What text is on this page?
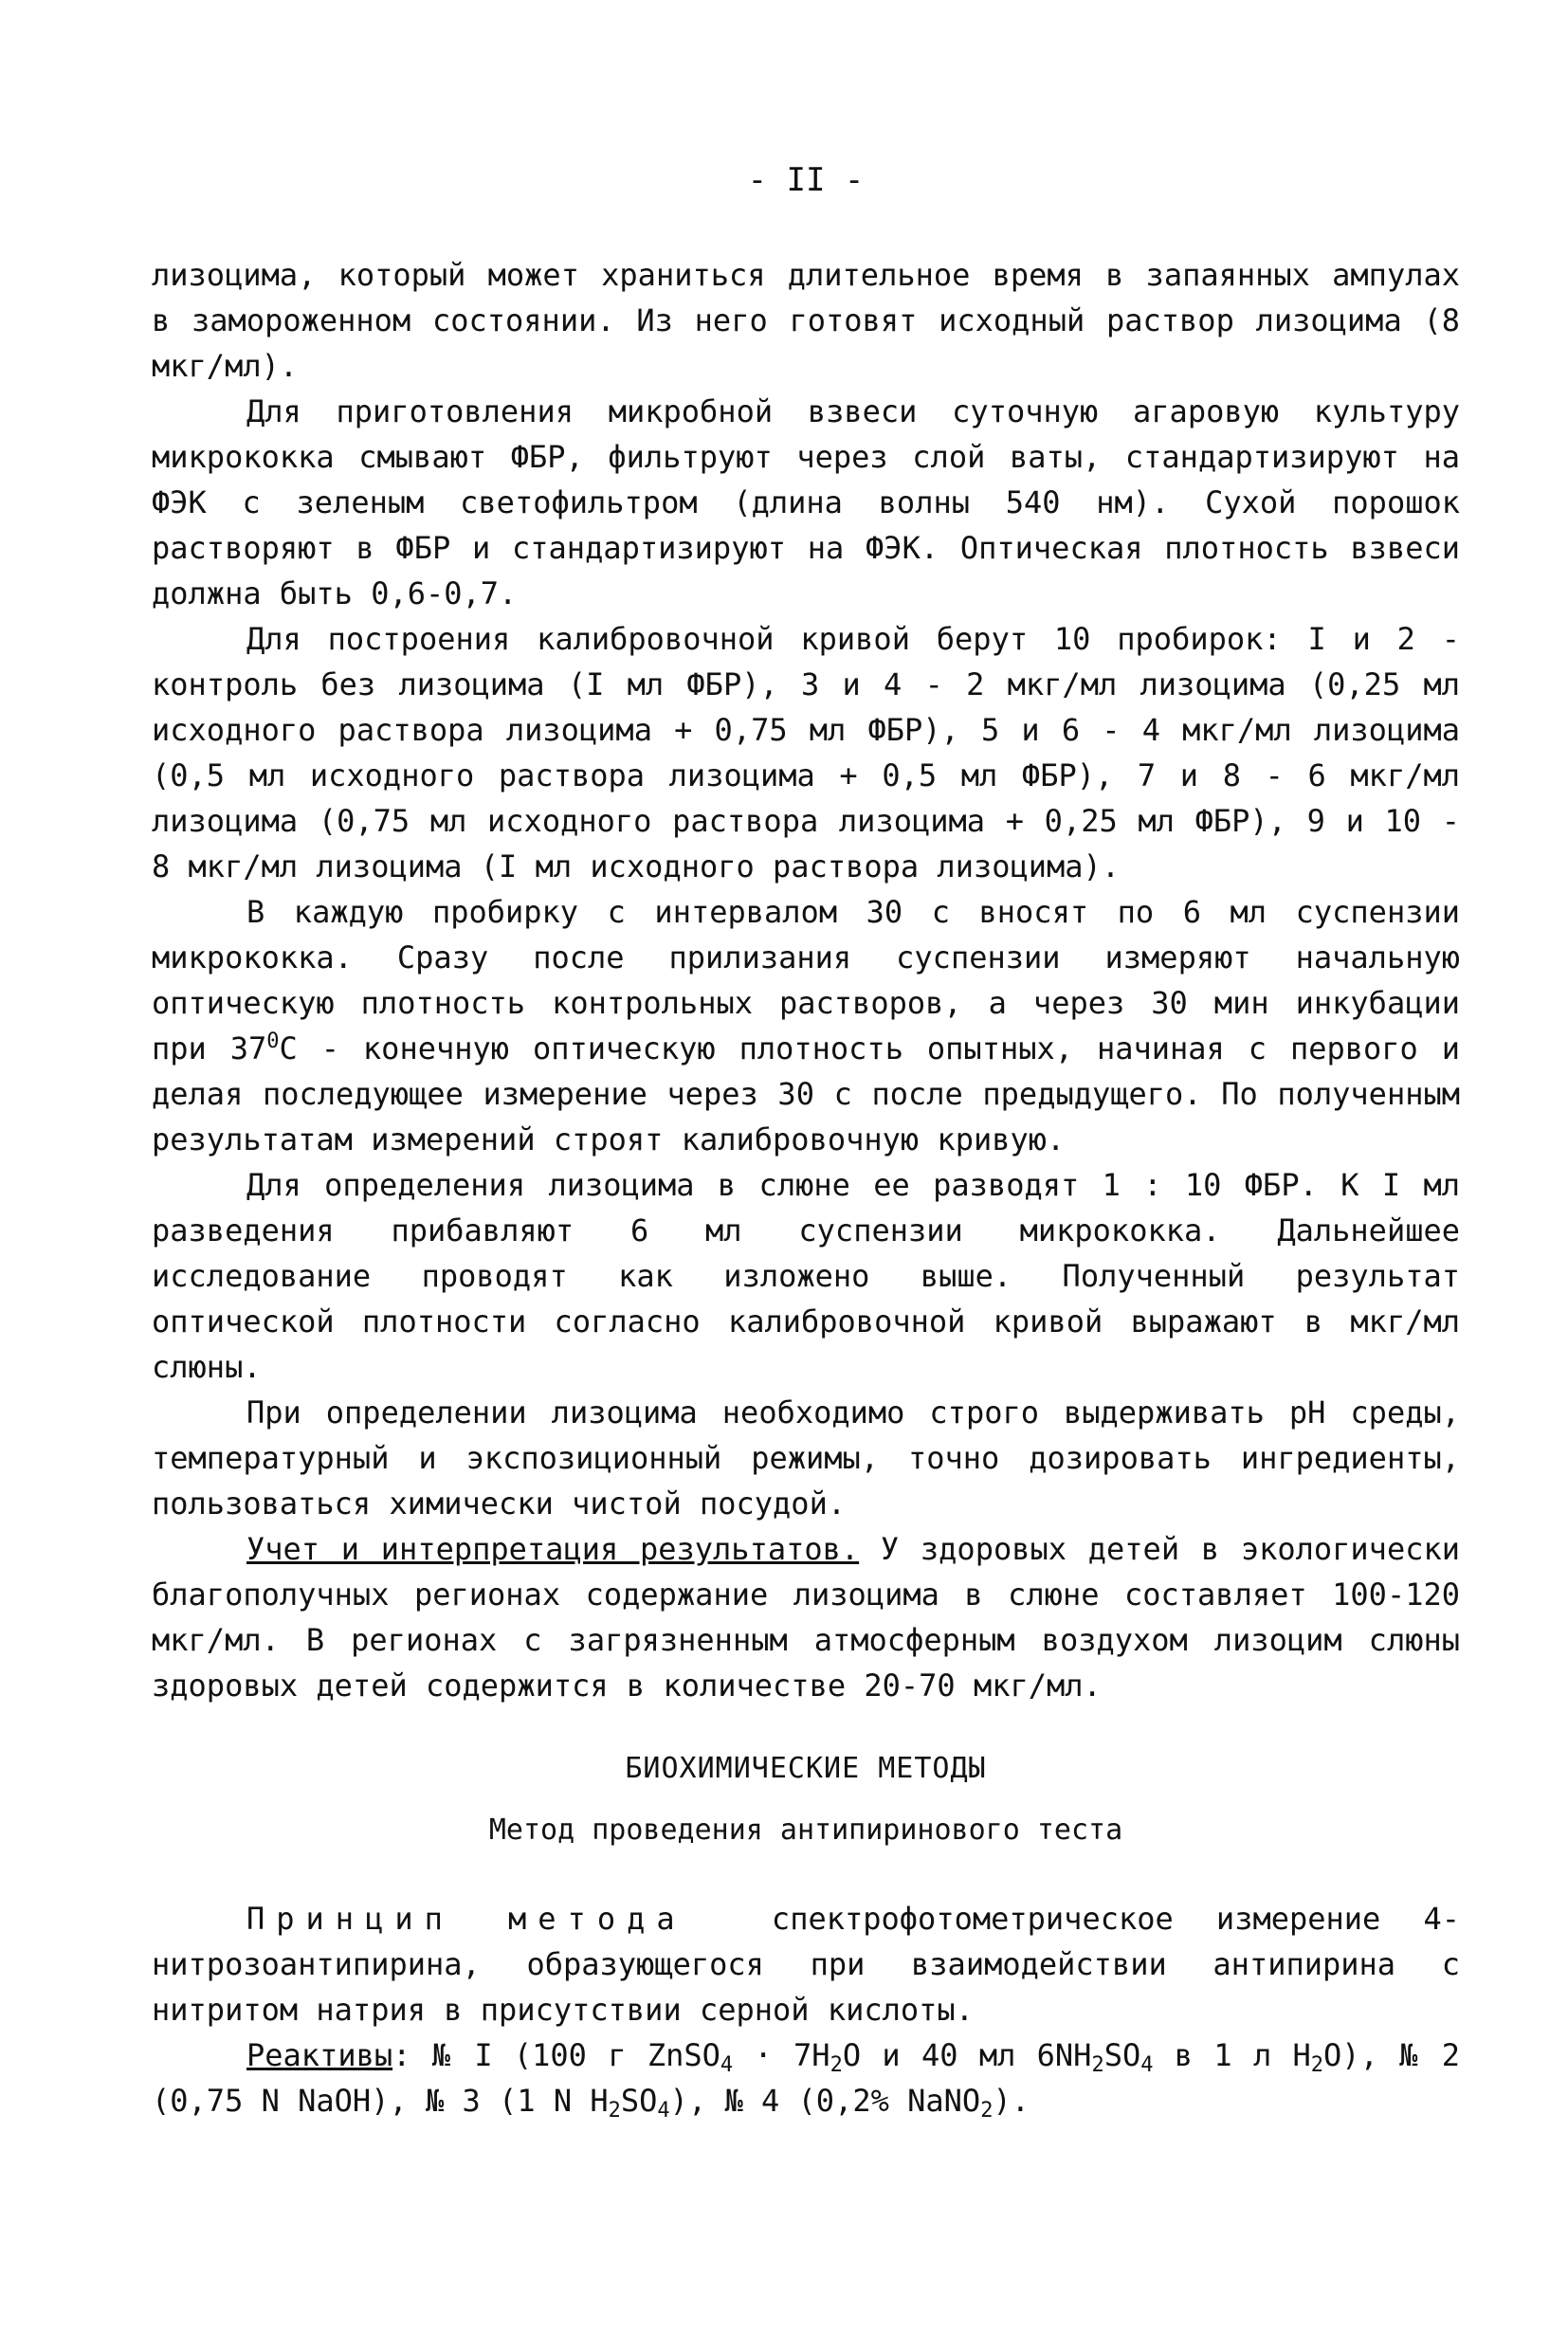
- II -

лизоцима, который может храниться длительное время в запаянных ампулах в замороженном состоянии. Из него готовят исходный раствор лизоцима (8 мкг/мл).

Для приготовления микробной взвеси суточную агаровую культуру микрококка смывают ФБР, фильтруют через слой ваты, стандартизируют на ФЭК с зеленым светофильтром (длина волны 540 нм). Сухой порошок растворяют в ФБР и стандартизируют на ФЭК. Оптическая плотность взвеси должна быть 0,6-0,7.

Для построения калибровочной кривой берут 10 пробирок: I и 2 - контроль без лизоцима (I мл ФБР), 3 и 4 - 2 мкг/мл лизоцима (0,25 мл исходного раствора лизоцима + 0,75 мл ФБР), 5 и 6 - 4 мкг/мл лизоцима (0,5 мл исходного раствора лизоцима + 0,5 мл ФБР), 7 и 8 - 6 мкг/мл лизоцима (0,75 мл исходного раствора лизоцима + 0,25 мл ФБР), 9 и 10 - 8 мкг/мл лизоцима (I мл исходного раствора лизоцима).

В каждую пробирку с интервалом 30 с вносят по 6 мл суспензии микрококка. Сразу после прилизания суспензии измеряют начальную оптическую плотность контрольных растворов, а через 30 мин инкубации при $37^0С$ - конечную оптическую плотность опытных, начиная с первого и делая последующее измерение через 30 с после предыдущего. По полученным результатам измерений строят калибровочную кривую.

Для определения лизоцима в слюне ее разводят 1 : 10 ФБР. К I мл разведения прибавляют 6 мл суспензии микрококка. Дальнейшее исследование проводят как изложено выше. Полученный результат оптической плотности согласно калибровочной кривой выражают в мкг/мл слюны.

При определении лизоцима необходимо строго выдерживать pH среды, температурный и экспозиционный режимы, точно дозировать ингредиенты, пользоваться химически чистой посудой.

Учет и интерпретация результатов. У здоровых детей в экологически благополучных регионах содержание лизоцима в слюне составляет 100-120 мкг/мл. В регионах с загрязненным атмосферным воздухом лизоцим слюны здоровых детей содержится в количестве 20-70 мкг/мл.

БИОХИМИЧЕСКИЕ МЕТОДЫ
Метод проведения антипиринового теста

Принцип метода	спектрофотометрическое измерение 4-нитрозоантипирина, образующегося при взаимодействии антипирина с нитритом натрия в присутствии серной кислоты.

Реактивы: № I (100 г ZnSO$_4$ · $7H_2O$ и 40 мл $6NH_2SO_4$ в 1 л $H_2O$), № 2 (0,75 N NaOH), № 3 (1 N $H_2SO_4$), № 4 (0,2% NaNO$_2$).
